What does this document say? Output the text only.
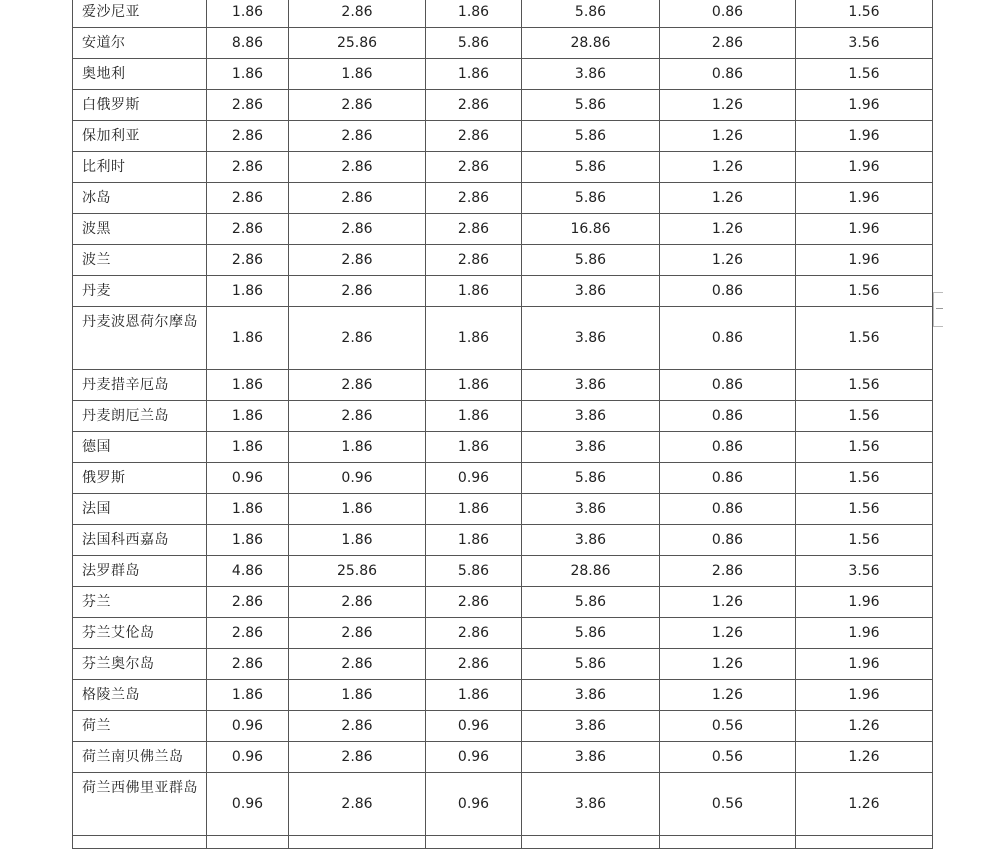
爱沙尼亚	1.86	2.86	1.86	5.86	0.86	1.56
安道尔	8.86	25.86	5.86	28.86	2.86	3.56
奥地利	1.86	1.86	1.86	3.86	0.86	1.56
白俄罗斯	2.86	2.86	2.86	5.86	1.26	1.96
保加利亚	2.86	2.86	2.86	5.86	1.26	1.96
比利时	2.86	2.86	2.86	5.86	1.26	1.96
冰岛	2.86	2.86	2.86	5.86	1.26	1.96
波黑	2.86	2.86	2.86	16.86	1.26	1.96
波兰	2.86	2.86	2.86	5.86	1.26	1.96
丹麦	1.86	2.86	1.86	3.86	0.86	1.56
丹麦波恩荷尔摩岛	1.86	2.86	1.86	3.86	0.86	1.56
丹麦措辛厄岛	1.86	2.86	1.86	3.86	0.86	1.56
丹麦朗厄兰岛	1.86	2.86	1.86	3.86	0.86	1.56
德国	1.86	1.86	1.86	3.86	0.86	1.56
俄罗斯	0.96	0.96	0.96	5.86	0.86	1.56
法国	1.86	1.86	1.86	3.86	0.86	1.56
法国科西嘉岛	1.86	1.86	1.86	3.86	0.86	1.56
法罗群岛	4.86	25.86	5.86	28.86	2.86	3.56
芬兰	2.86	2.86	2.86	5.86	1.26	1.96
芬兰艾伦岛	2.86	2.86	2.86	5.86	1.26	1.96
芬兰奥尔岛	2.86	2.86	2.86	5.86	1.26	1.96
格陵兰岛	1.86	1.86	1.86	3.86	1.26	1.96
荷兰	0.96	2.86	0.96	3.86	0.56	1.26
荷兰南贝佛兰岛	0.96	2.86	0.96	3.86	0.56	1.26
荷兰西佛里亚群岛	0.96	2.86	0.96	3.86	0.56	1.26
